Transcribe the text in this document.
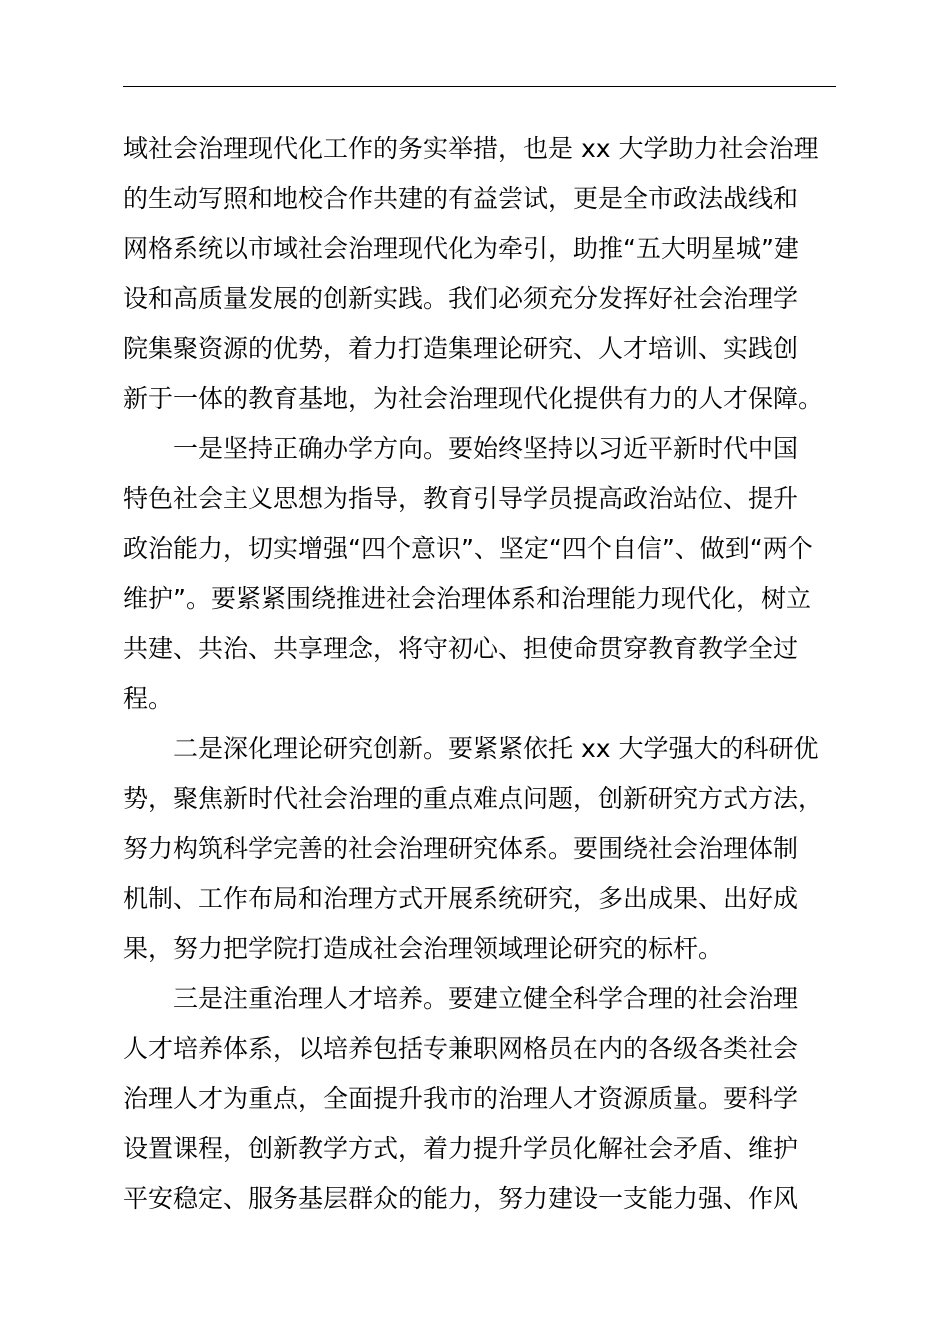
域社会治理现代化工作的务实举措，也是 xx 大学助力社会治理
的生动写照和地校合作共建的有益尝试，更是全市政法战线和
网格系统以市域社会治理现代化为牵引，助推“五大明星城”建
设和高质量发展的创新实践。我们必须充分发挥好社会治理学
院集聚资源的优势，着力打造集理论研究、人才培训、实践创
新于一体的教育基地，为社会治理现代化提供有力的人才保障。
一是坚持正确办学方向。要始终坚持以习近平新时代中国
特色社会主义思想为指导，教育引导学员提高政治站位、提升
政治能力，切实增强“四个意识”、坚定“四个自信”、做到“两个
维护”。要紧紧围绕推进社会治理体系和治理能力现代化，树立
共建、共治、共享理念，将守初心、担使命贯穿教育教学全过
程。
二是深化理论研究创新。要紧紧依托 xx 大学强大的科研优
势，聚焦新时代社会治理的重点难点问题，创新研究方式方法，
努力构筑科学完善的社会治理研究体系。要围绕社会治理体制
机制、工作布局和治理方式开展系统研究，多出成果、出好成
果，努力把学院打造成社会治理领域理论研究的标杆。
三是注重治理人才培养。要建立健全科学合理的社会治理
人才培养体系，以培养包括专兼职网格员在内的各级各类社会
治理人才为重点，全面提升我市的治理人才资源质量。要科学
设置课程，创新教学方式，着力提升学员化解社会矛盾、维护
平安稳定、服务基层群众的能力，努力建设一支能力强、作风
